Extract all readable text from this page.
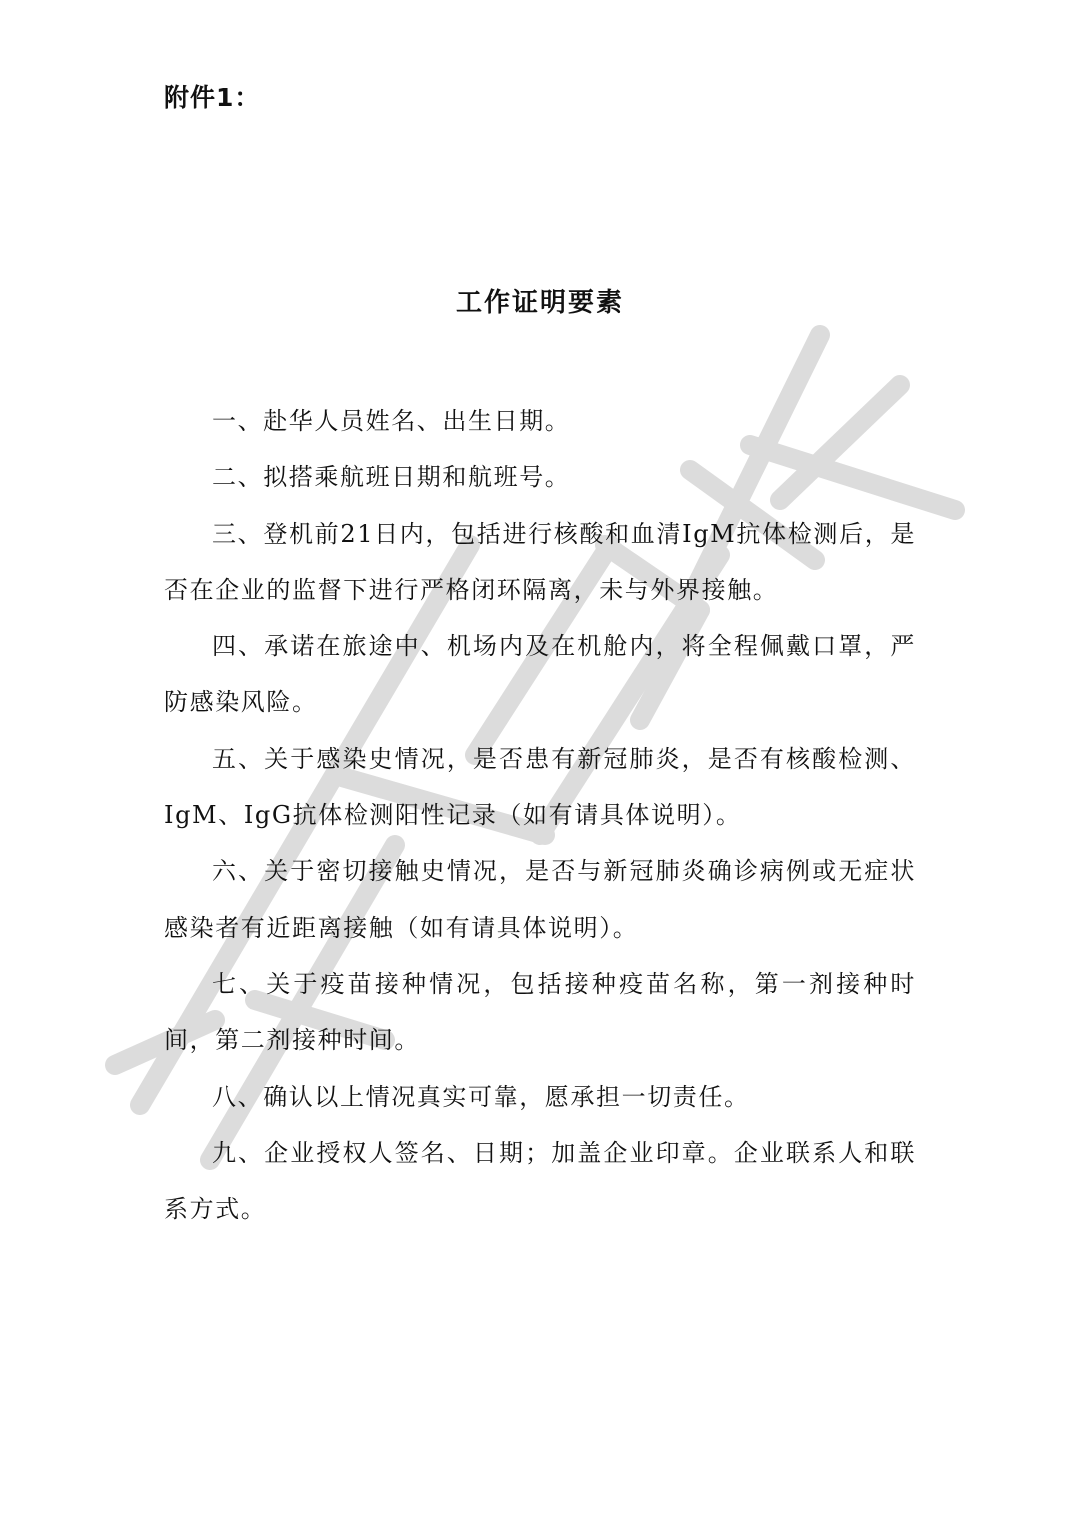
附件1：
工作证明要素

一、赴华人员姓名、出生日期。

二、拟搭乘航班日期和航班号。

三、登机前21日内，包括进行核酸和血清IgM抗体检测后，是否在企业的监督下进行严格闭环隔离，未与外界接触。

四、承诺在旅途中、机场内及在机舱内，将全程佩戴口罩，严防感染风险。

五、关于感染史情况，是否患有新冠肺炎，是否有核酸检测、IgM、IgG抗体检测阳性记录（如有请具体说明）。

六、关于密切接触史情况，是否与新冠肺炎确诊病例或无症状感染者有近距离接触（如有请具体说明）。

七、关于疫苗接种情况，包括接种疫苗名称，第一剂接种时间，第二剂接种时间。

八、确认以上情况真实可靠，愿承担一切责任。

九、企业授权人签名、日期；加盖企业印章。企业联系人和联系方式。
